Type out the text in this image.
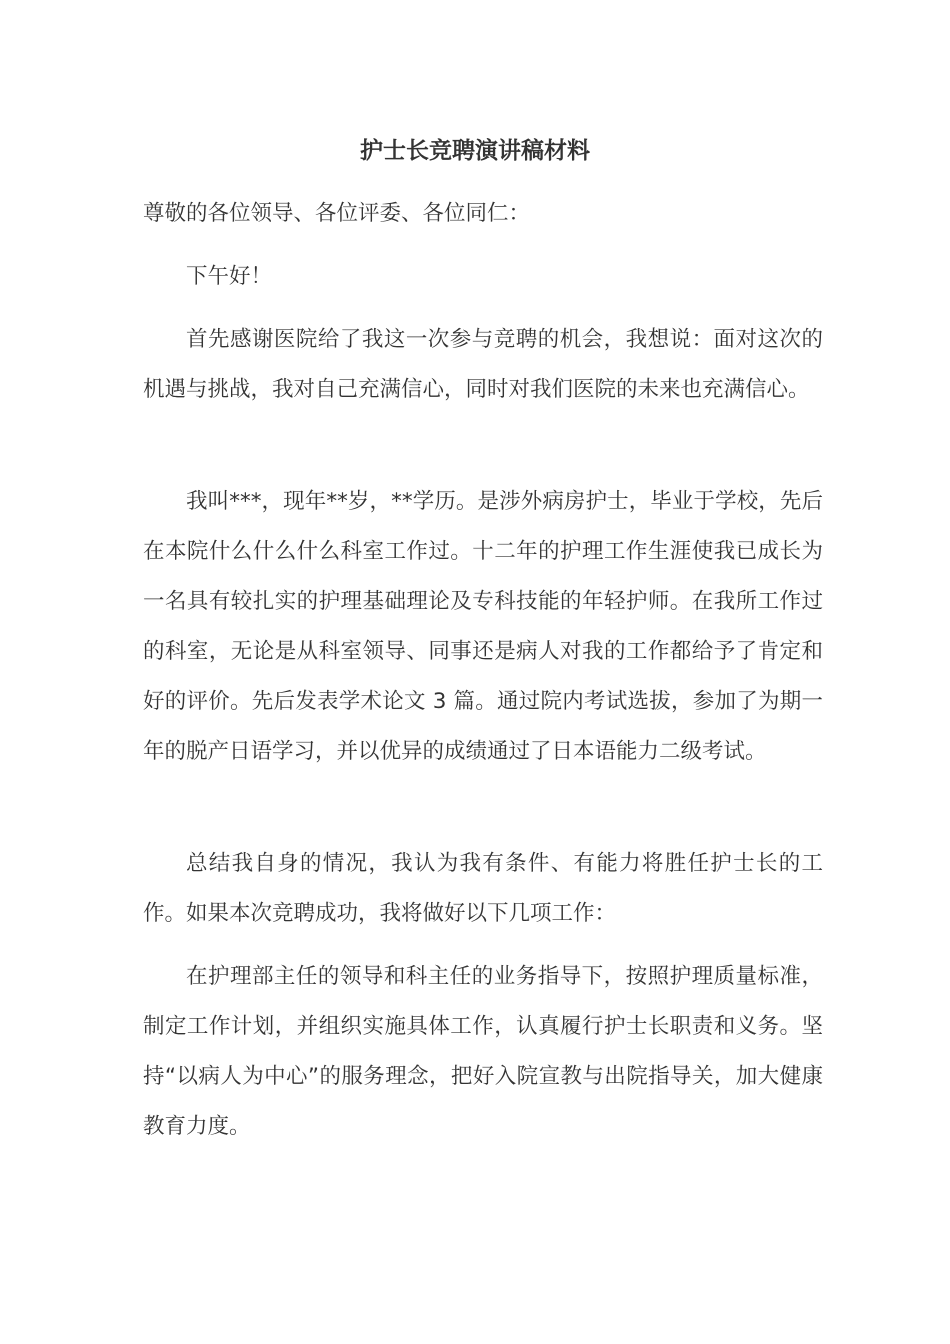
护士长竞聘演讲稿材料

尊敬的各位领导、各位评委、各位同仁：

下午好！

首先感谢医院给了我这一次参与竞聘的机会，我想说：面对这次的机遇与挑战，我对自己充满信心，同时对我们医院的未来也充满信心。

我叫***，现年**岁，**学历。是涉外病房护士，毕业于学校，先后在本院什么什么什么科室工作过。十二年的护理工作生涯使我已成长为一名具有较扎实的护理基础理论及专科技能的年轻护师。在我所工作过的科室，无论是从科室领导、同事还是病人对我的工作都给予了肯定和好的评价。先后发表学术论文 3 篇。通过院内考试选拔，参加了为期一年的脱产日语学习，并以优异的成绩通过了日本语能力二级考试。

总结我自身的情况，我认为我有条件、有能力将胜任护士长的工作。如果本次竞聘成功，我将做好以下几项工作：

在护理部主任的领导和科主任的业务指导下，按照护理质量标准，制定工作计划，并组织实施具体工作，认真履行护士长职责和义务。坚持“以病人为中心”的服务理念，把好入院宣教与出院指导关，加大健康教育力度。
